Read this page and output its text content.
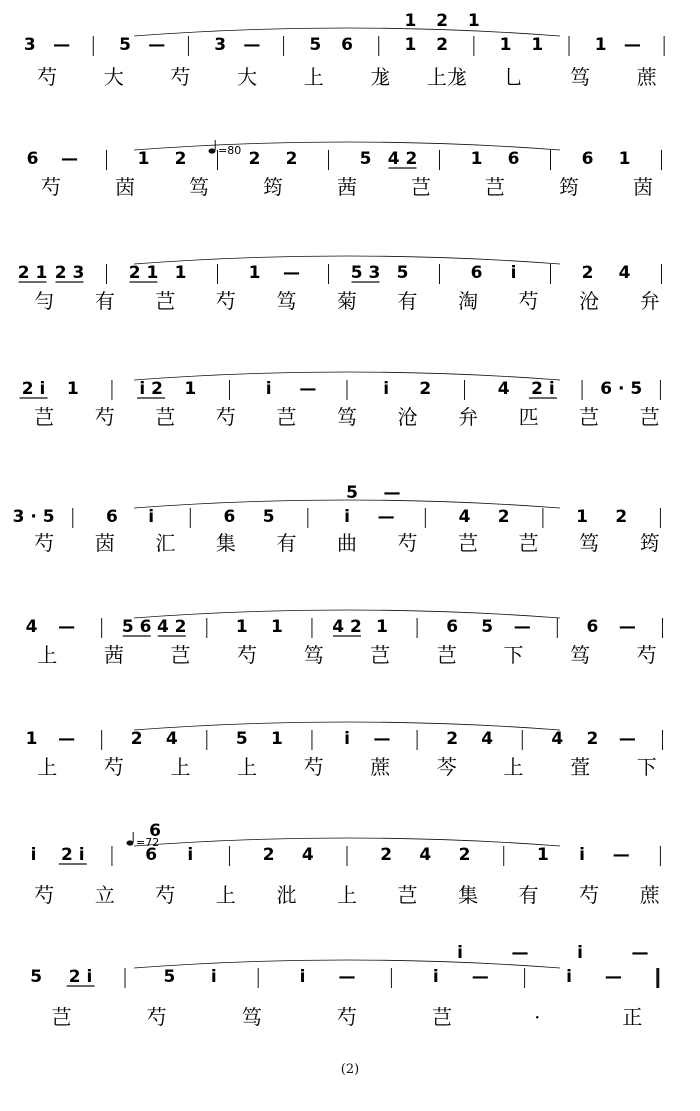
3 —	5 —	3 —	5 6	1 2	1 1	1 —
1 2 1
芍 大 芍 大 上 尨 上尨 乚 笃 蔗
6 —	1 2	2 2	5 4 2	1 6	6 1
芍	茵	笃	筠	茜	芑	芑	筠	茵
2 1 2 3	2 1 1	1 —	5 3 5	6 i	2 4
勻 有 芑 芍 笃 菊 有 淘 芍 沧 弁
2 i 1	i 2 1	i —	i 2	4 2 i	6 · 5
芑 芍 芑 芍 芑 笃 沧 弁 匹 芑 芑
3 · 5	6 i	6 5	i —	4 2	1 2
5 —
芍 茵 汇 集 有 曲 芍 芑 芑 笃 筠
4 —	5 6 4 2	1 1	4 2 1	6 5 —	6 —
上 茜 芑 芍 笃 芑 芑 下 笃 芍
1 —	2 4	5 1	i —	2 4	4 2 —
上 芍 上 上 芍 蔗 芩 上 萓 下
i 2 i	6 i	2 4	2 4 2	1 i —
6
芍 立 芍 上 沘 上 芑 集 有 芍 蔗
5 2 i	5 i	i —	i —	i —
i	—	i	—
芑	芍	笃	芍	芑	·	正
=80
=72
(2)
